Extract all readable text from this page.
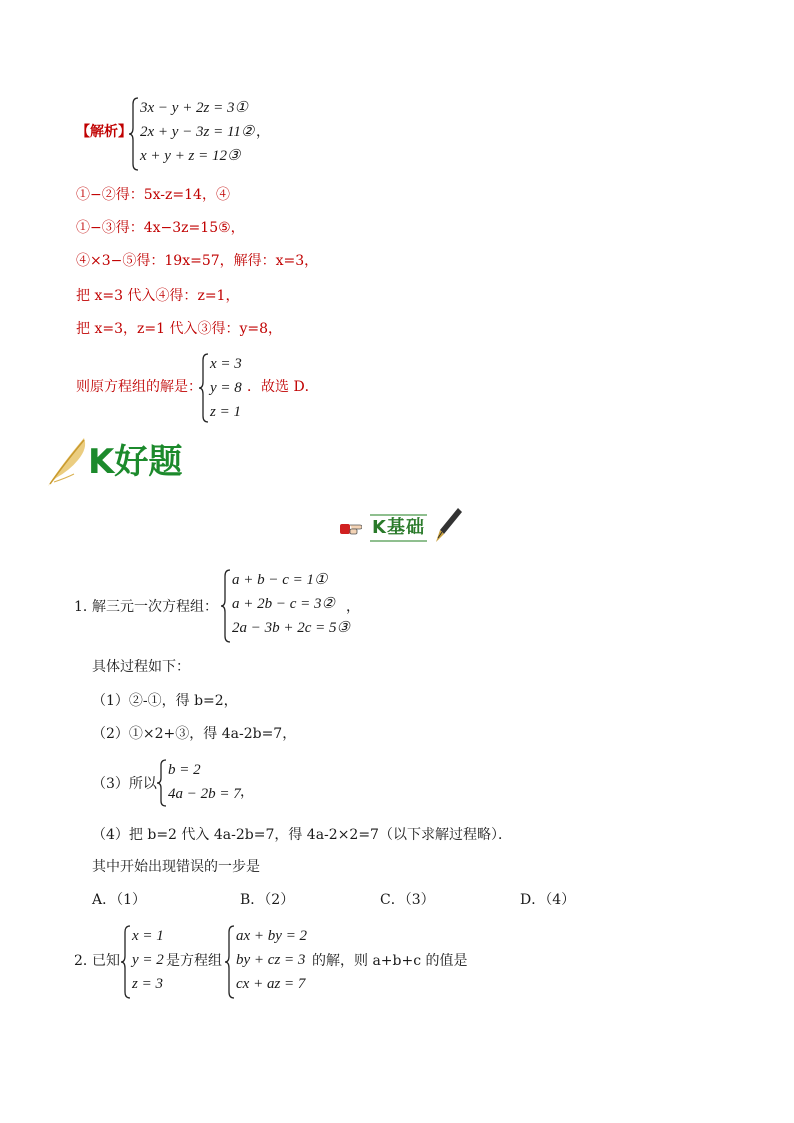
【解析】
3x − y + 2z = 3①
2x + y − 3z = 11②
x + y + z = 12③
，
①−②得：5x-z=14，④
①−③得：4x−3z=15⑤，
④×3−⑤得：19x=57，解得：x=3，
把 x=3 代入④得：z=1，
把 x=3，z=1 代入③得：y=8，
则原方程组的解是：
x = 3
y = 8
z = 1
．故选 D．
K好题
K基础
1．
解三元一次方程组：
a + b − c = 1①
a + 2b − c = 3②
2a − 3b + 2c = 5③
，
具体过程如下：
（1）②-①，得 b=2，
（2）①×2+③，得 4a-2b=7，
（3）所以
b = 2
4a − 2b = 7 ，
（4）把 b=2 代入 4a-2b=7，得 4a-2×2=7（以下求解过程略）．
其中开始出现错误的一步是
A．（1）	B．（2）	C．（3）	D．（4）
2．
已知
x = 1
y = 2
z = 3
是方程组
ax + by = 2
by + cz = 3
cx + az = 7
的解，则 a+b+c 的值是
